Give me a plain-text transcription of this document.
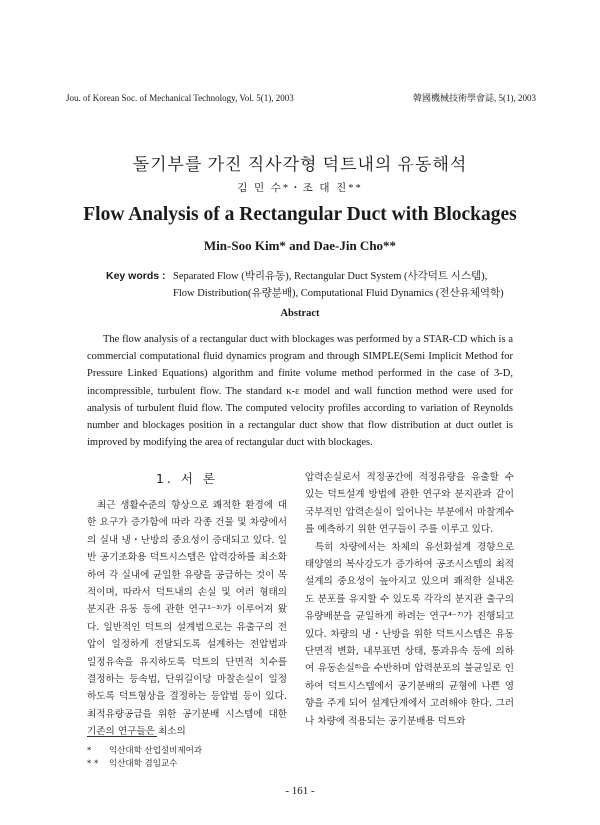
Jou. of Korean Soc. of Mechanical Technology, Vol. 5(1), 2003	韓國機械技術學會誌, 5(1), 2003
돌기부를 가진 직사각형 덕트내의 유동해석
김 민 수*・조 대 진**
Flow Analysis of a Rectangular Duct with Blockages
Min-Soo Kim* and Dae-Jin Cho**
Key words : Separated Flow (박리유동), Rectangular Duct System (사각덕트 시스템),
Flow Distribution(유량분배), Computational Fluid Dynamics (전산유체역학)
Abstract

The flow analysis of a rectangular duct with blockages was performed by a STAR-CD which is a commercial computational fluid dynamics program and through SIMPLE(Semi Implicit Method for Pressure Linked Equations) algorithm and finite volume method performed in the case of 3-D, incompressible, turbulent flow. The standard κ-ε model and wall function method were used for analysis of turbulent fluid flow. The computed velocity profiles according to variation of Reynolds number and blockages position in a rectangular duct show that flow distribution at duct outlet is improved by modifying the area of rectangular duct with blockages.

1. 서 론

최근 생활수준의 향상으로 쾌적한 환경에 대한 요구가 증가함에 따라 각종 건물 및 차량에서의 실내 냉・난방의 중요성이 증대되고 있다. 일반 공기조화용 덕트시스템은 압력강하를 최소화하여 각 실내에 균일한 유량을 공급하는 것이 목적이며, 따라서 덕트내의 손실 및 여러 형태의 분지관 유동 등에 관한 연구¹⁻³⁾가 이루어져 왔다. 일반적인 덕트의 설계법으로는 유출구의 전압이 일정하게 전달되도록 설계하는 전압법과 일정유속을 유지하도록 덕트의 단면적 치수를 결정하는 등속법, 단위길이당 마찰손실이 일정하도록 덕트형상을 결정하는 등압법 등이 있다. 최적유량공급을 위한 공기분배 시스템에 대한 기존의 연구들은 최소의

압력손실로서 적정공간에 적정유량을 유출할 수 있는 덕트설계 방법에 관한 연구와 분지관과 같이 국부적인 압력손실이 일어나는 부분에서 마찰계수를 예측하기 위한 연구들이 주를 이루고 있다.

특히 차량에서는 차체의 유선화설계 경향으로 태양열의 복사강도가 증가하여 공조시스템의 최적설계의 중요성이 높아지고 있으며 쾌적한 실내온도 분포를 유지할 수 있도록 각각의 분지관 출구의 유량배분을 균일하게 하려는 연구⁴⁻⁷⁾가 진행되고 있다. 차량의 냉・난방을 위한 덕트시스템은 유동 단면적 변화, 내부표면 상태, 통과유속 등에 의하여 유동손실⁸⁾을 수반하며 압력분포의 불균일로 인하여 덕트시스템에서 공기분배의 균형에 나쁜 영향을 주게 되어 설계단계에서 고려해야 한다. 그러나 차량에 적용되는 공기분배용 덕트와

* 익산대학 산업설비제어과
* * 익산대학 겸임교수
- 161 -
